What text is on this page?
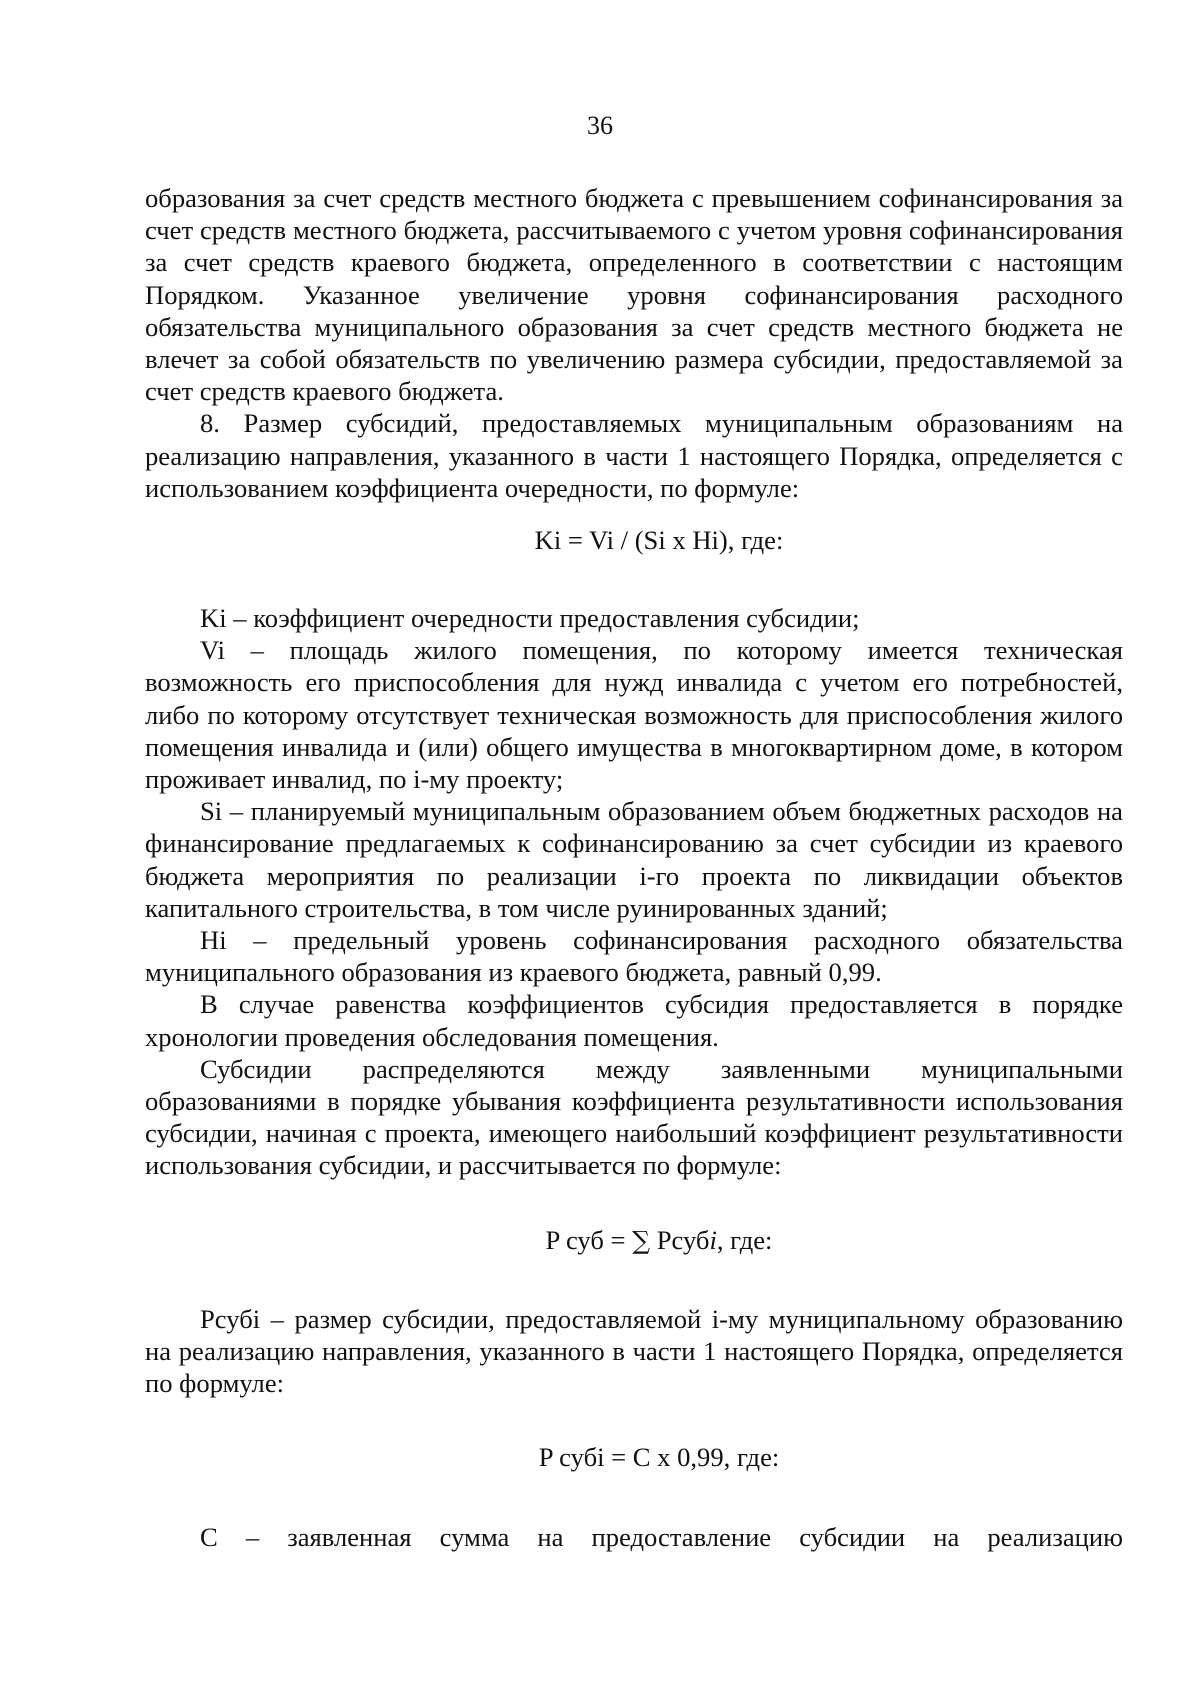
36

образования за счет средств местного бюджета с превышением софинансирования за счет средств местного бюджета, рассчитываемого с учетом уровня софинансирования за счет средств краевого бюджета, определенного в соответствии с настоящим Порядком. Указанное увеличение уровня софинансирования расходного обязательства муниципального образования за счет средств местного бюджета не влечет за собой обязательств по увеличению размера субсидии, предоставляемой за счет средств краевого бюджета.

8. Размер субсидий, предоставляемых муниципальным образованиям на реализацию направления, указанного в части 1 настоящего Порядка, определяется с использованием коэффициента очередности, по формуле:

Ki = Vi / (Si x Hi), где:

Ki – коэффициент очередности предоставления субсидии;

Vi – площадь жилого помещения, по которому имеется техническая возможность его приспособления для нужд инвалида с учетом его потребностей, либо по которому отсутствует техническая возможность для приспособления жилого помещения инвалида и (или) общего имущества в многоквартирном доме, в котором проживает инвалид, по i-му проекту;

Si – планируемый муниципальным образованием объем бюджетных расходов на финансирование предлагаемых к софинансированию за счет субсидии из краевого бюджета мероприятия по реализации i-го проекта по ликвидации объектов капитального строительства, в том числе руинированных зданий;

Hi – предельный уровень софинансирования расходного обязательства муниципального образования из краевого бюджета, равный 0,99.

В случае равенства коэффициентов субсидия предоставляется в порядке хронологии проведения обследования помещения.

Субсидии распределяются между заявленными муниципальными образованиями в порядке убывания коэффициента результативности использования субсидии, начиная с проекта, имеющего наибольший коэффициент результативности использования субсидии, и рассчитывается по формуле:

P суб = ∑ Pсубi, где:

Pсубi – размер субсидии, предоставляемой i-му муниципальному образованию на реализацию направления, указанного в части 1 настоящего Порядка, определяется по формуле:

P субi = С x 0,99, где:

С – заявленная сумма на предоставление субсидии на реализацию
